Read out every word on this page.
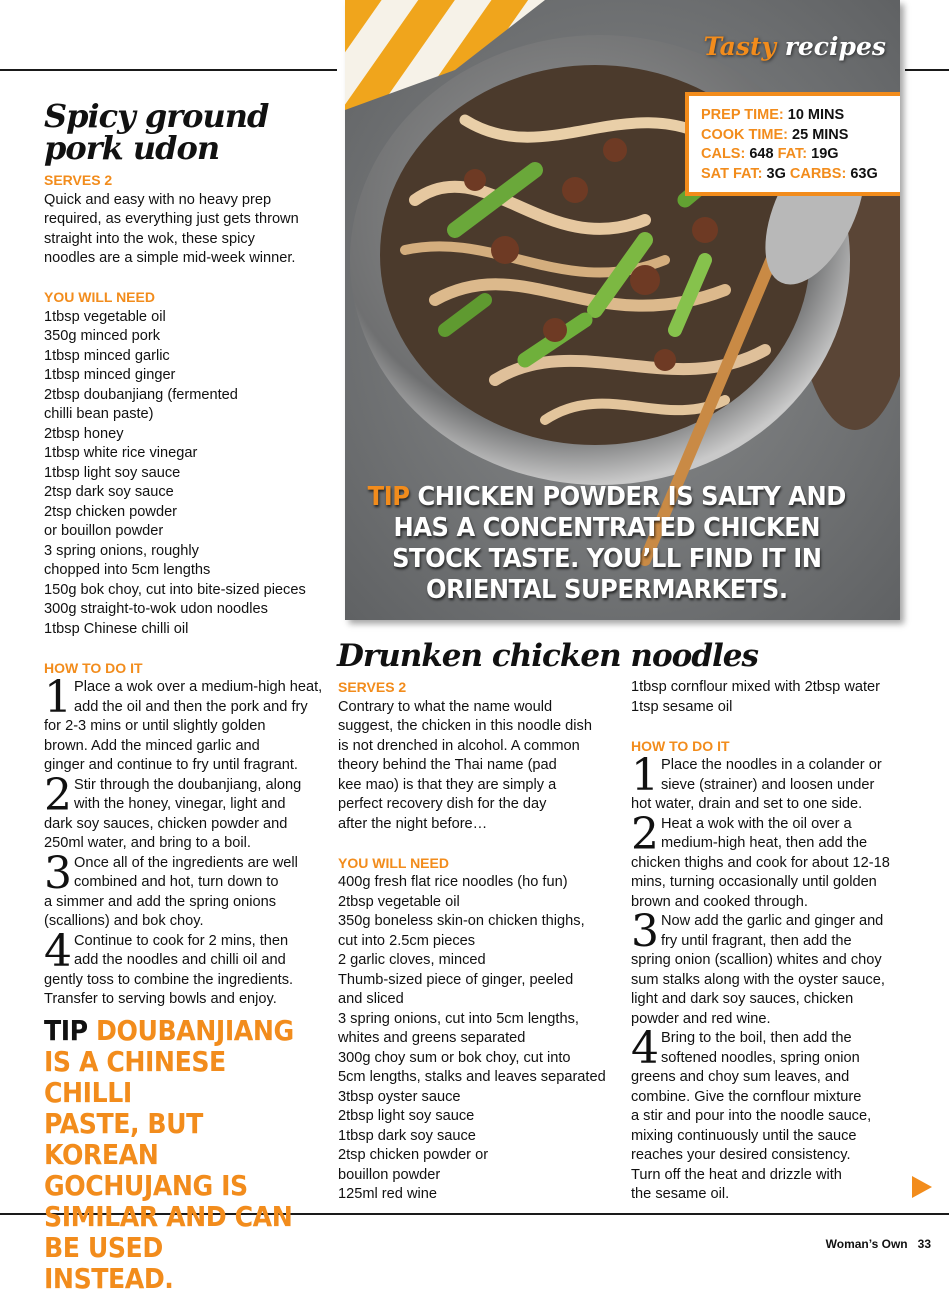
Tasty recipes
PREP TIME: 10 MINS
COOK TIME: 25 MINS
CALS: 648 FAT: 19G
SAT FAT: 3G CARBS: 63G
TIP CHICKEN POWDER IS SALTY AND
HAS A CONCENTRATED CHICKEN
STOCK TASTE. YOU’LL FIND IT IN
ORIENTAL SUPERMARKETS.
Spicy ground
pork udon
SERVES 2
Quick and easy with no heavy prep
required, as everything just gets thrown
straight into the wok, these spicy
noodles are a simple mid-week winner.
YOU WILL NEED
1tbsp vegetable oil
350g minced pork
1tbsp minced garlic
1tbsp minced ginger
2tbsp doubanjiang (fermented
chilli bean paste)
2tbsp honey
1tbsp white rice vinegar
1tbsp light soy sauce
2tsp dark soy sauce
2tsp chicken powder
or bouillon powder
3 spring onions, roughly
chopped into 5cm lengths
150g bok choy, cut into bite-sized pieces
300g straight-to-wok udon noodles
1tbsp Chinese chilli oil
HOW TO DO IT
1 Place a wok over a medium-high heat,
add the oil and then the pork and fry
for 2-3 mins or until slightly golden
brown. Add the minced garlic and
ginger and continue to fry until fragrant.
2 Stir through the doubanjiang, along
with the honey, vinegar, light and
dark soy sauces, chicken powder and
250ml water, and bring to a boil.
3 Once all of the ingredients are well
combined and hot, turn down to
a simmer and add the spring onions
(scallions) and bok choy.
4 Continue to cook for 2 mins, then
add the noodles and chilli oil and
gently toss to combine the ingredients.
Transfer to serving bowls and enjoy.
TIP DOUBANJIANG
IS A CHINESE CHILLI
PASTE, BUT KOREAN
GOCHUJANG IS
SIMILAR AND CAN
BE USED INSTEAD.
Drunken chicken noodles
SERVES 2
Contrary to what the name would
suggest, the chicken in this noodle dish
is not drenched in alcohol. A common
theory behind the Thai name (pad
kee mao) is that they are simply a
perfect recovery dish for the day
after the night before…
YOU WILL NEED
400g fresh flat rice noodles (ho fun)
2tbsp vegetable oil
350g boneless skin-on chicken thighs,
cut into 2.5cm pieces
2 garlic cloves, minced
Thumb-sized piece of ginger, peeled
and sliced
3 spring onions, cut into 5cm lengths,
whites and greens separated
300g choy sum or bok choy, cut into
5cm lengths, stalks and leaves separated
3tbsp oyster sauce
2tbsp light soy sauce
1tbsp dark soy sauce
2tsp chicken powder or
bouillon powder
125ml red wine
1tbsp cornflour mixed with 2tbsp water
1tsp sesame oil
HOW TO DO IT
1 Place the noodles in a colander or
sieve (strainer) and loosen under
hot water, drain and set to one side.
2 Heat a wok with the oil over a
medium-high heat, then add the
chicken thighs and cook for about 12-18
mins, turning occasionally until golden
brown and cooked through.
3 Now add the garlic and ginger and
fry until fragrant, then add the
spring onion (scallion) whites and choy
sum stalks along with the oyster sauce,
light and dark soy sauces, chicken
powder and red wine.
4 Bring to the boil, then add the
softened noodles, spring onion
greens and choy sum leaves, and
combine. Give the cornflour mixture
a stir and pour into the noodle sauce,
mixing continuously until the sauce
reaches your desired consistency.
Turn off the heat and drizzle with
the sesame oil.
Woman’s Own 33
